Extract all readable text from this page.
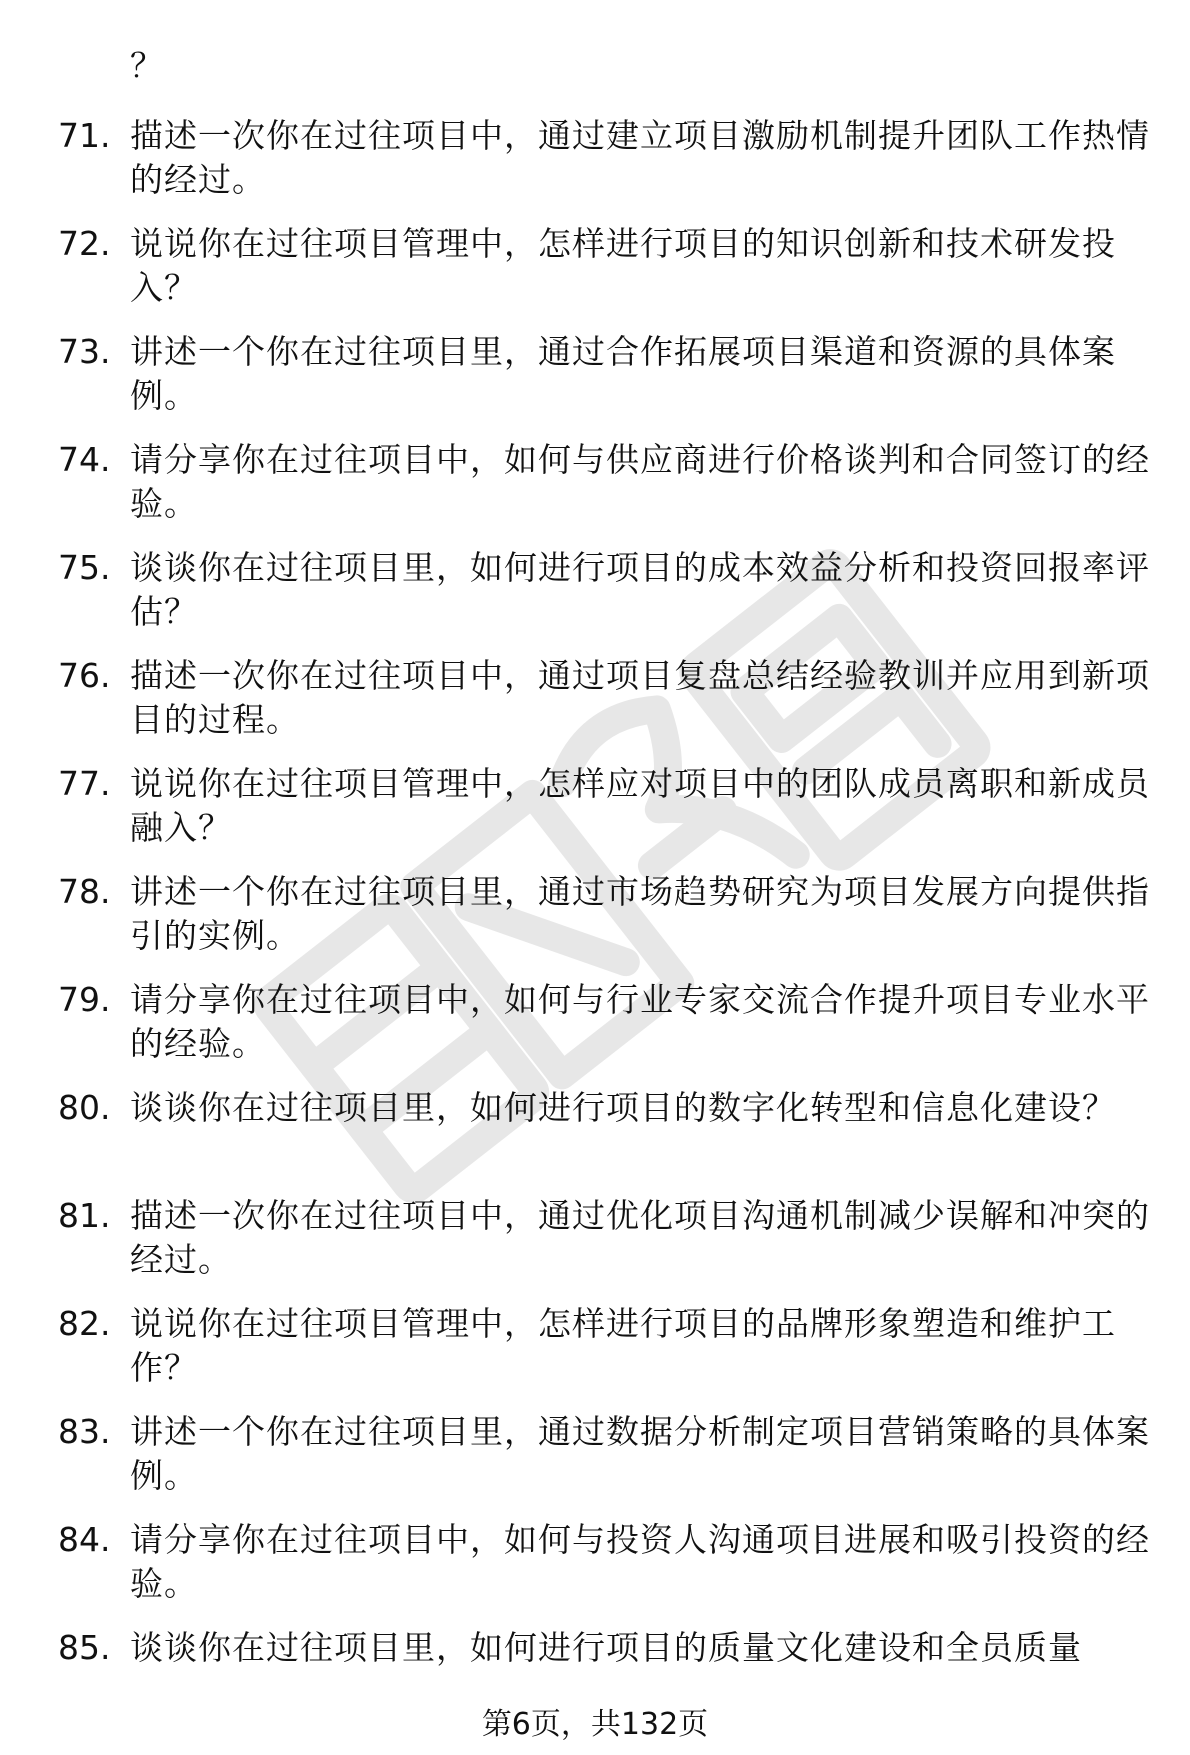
？
71. 描述一次你在过往项目中，通过建立项目激励机制提升团队工作热情的经过。
72. 说说你在过往项目管理中，怎样进行项目的知识创新和技术研发投入？
73. 讲述一个你在过往项目里，通过合作拓展项目渠道和资源的具体案例。
74. 请分享你在过往项目中，如何与供应商进行价格谈判和合同签订的经验。
75. 谈谈你在过往项目里，如何进行项目的成本效益分析和投资回报率评估？
76. 描述一次你在过往项目中，通过项目复盘总结经验教训并应用到新项目的过程。
77. 说说你在过往项目管理中，怎样应对项目中的团队成员离职和新成员融入？
78. 讲述一个你在过往项目里，通过市场趋势研究为项目发展方向提供指引的实例。
79. 请分享你在过往项目中，如何与行业专家交流合作提升项目专业水平的经验。
80. 谈谈你在过往项目里，如何进行项目的数字化转型和信息化建设？
81. 描述一次你在过往项目中，通过优化项目沟通机制减少误解和冲突的经过。
82. 说说你在过往项目管理中，怎样进行项目的品牌形象塑造和维护工作？
83. 讲述一个你在过往项目里，通过数据分析制定项目营销策略的具体案例。
84. 请分享你在过往项目中，如何与投资人沟通项目进展和吸引投资的经验。
85. 谈谈你在过往项目里，如何进行项目的质量文化建设和全员质量
第6页，共132页
